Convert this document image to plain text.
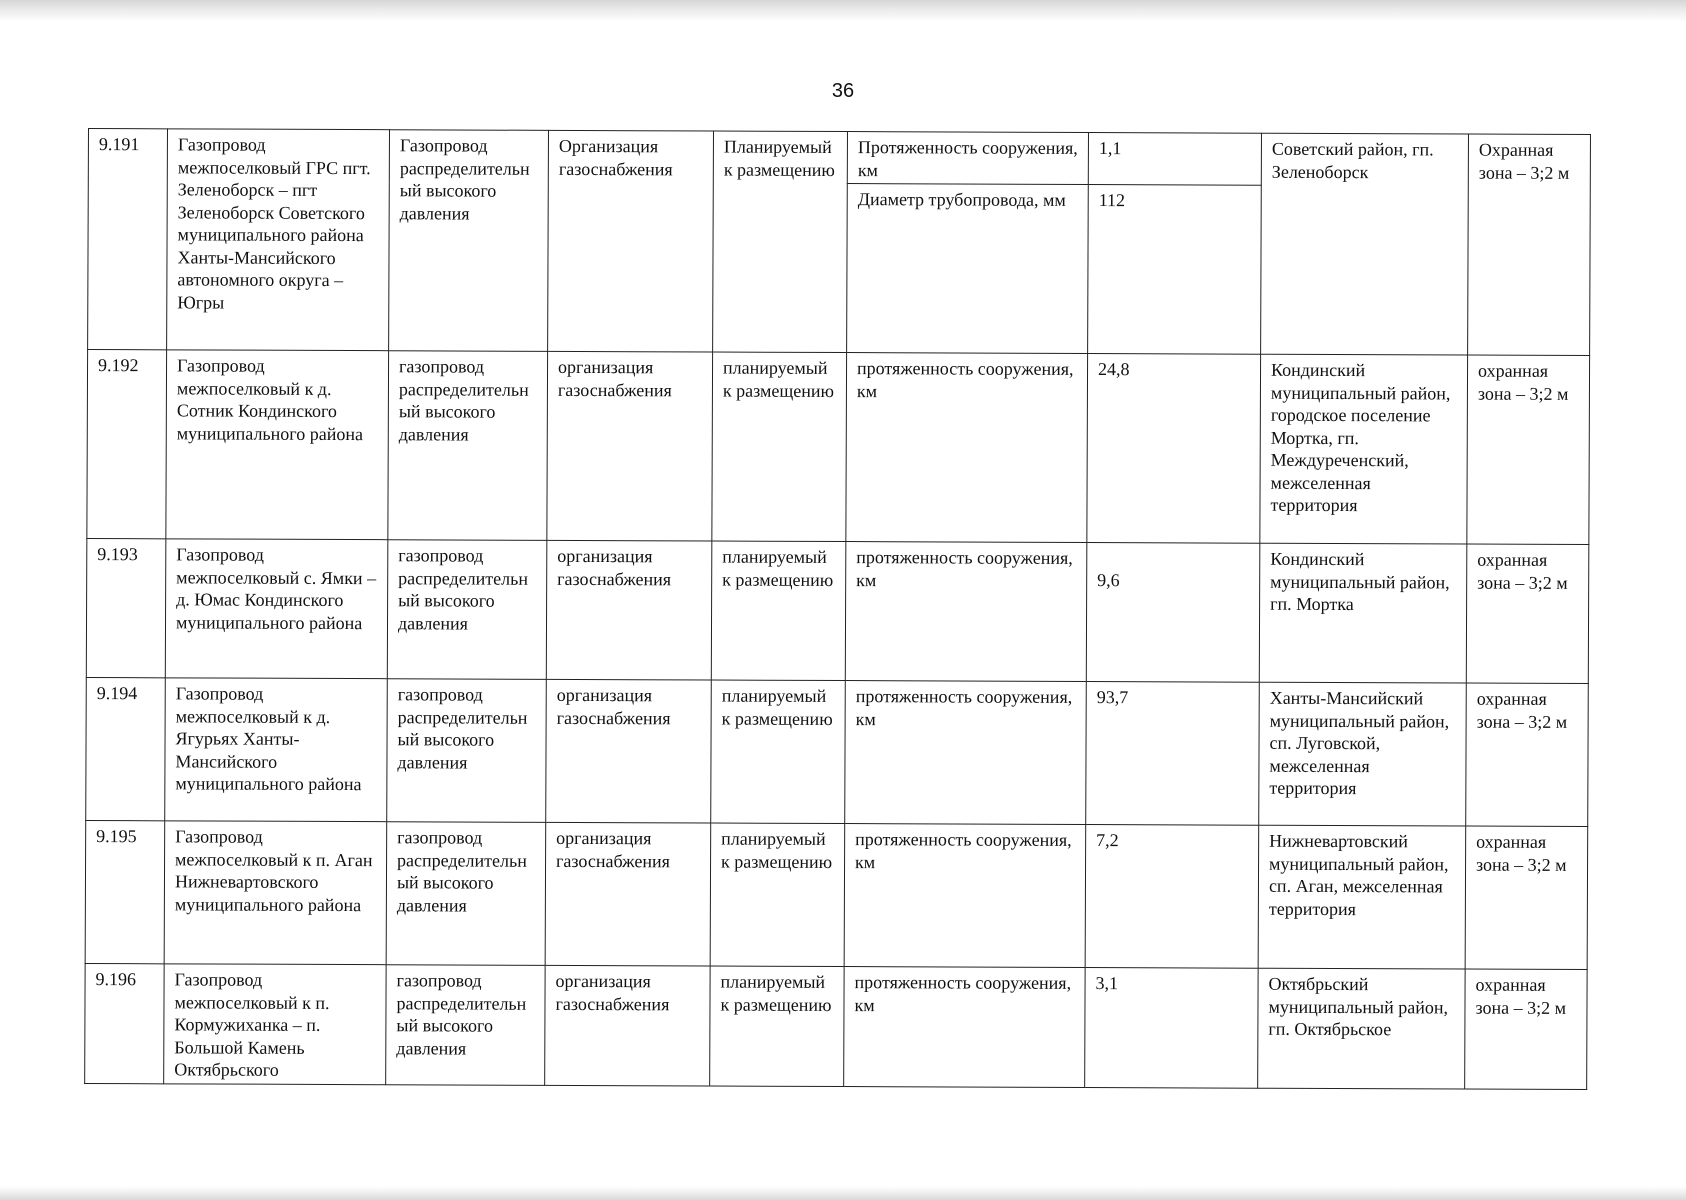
36
9.191	Газопровод межпоселковый ГРС пгт. Зеленоборск – пгт Зеленоборск Советского муниципального района Ханты-Мансийского автономного округа – Югры	Газопровод распределительный высокого давления	Организация газоснабжения	Планируемый к размещению	Протяженность сооружения, км	1,1	Советский район, гп. Зеленоборск	Охранная зона – 3;2 м
					Диаметр трубопровода, мм	112		
9.192	Газопровод межпоселковый к д. Сотник Кондинского муниципального района	газопровод распределительный высокого давления	организация газоснабжения	планируемый к размещению	протяженность сооружения, км	24,8	Кондинский муниципальный район, городское поселение Мортка, гп. Междуреченский, межселенная территория	охранная зона – 3;2 м
9.193	Газопровод межпоселковый с. Ямки – д. Юмас Кондинского муниципального района	газопровод распределительный высокого давления	организация газоснабжения	планируемый к размещению	протяженность сооружения, км	9,6	Кондинский муниципальный район, гп. Мортка	охранная зона – 3;2 м
9.194	Газопровод межпоселковый к д. Ягурьях Ханты-Мансийского муниципального района	газопровод распределительный высокого давления	организация газоснабжения	планируемый к размещению	протяженность сооружения, км	93,7	Ханты-Мансийский муниципальный район, сп. Луговской, межселенная территория	охранная зона – 3;2 м
9.195	Газопровод межпоселковый к п. Аган Нижневартовского муниципального района	газопровод распределительный высокого давления	организация газоснабжения	планируемый к размещению	протяженность сооружения, км	7,2	Нижневартовский муниципальный район, сп. Аган, межселенная территория	охранная зона – 3;2 м
9.196	Газопровод межпоселковый к п. Кормужиханка – п. Большой Камень Октябрьского	газопровод распределительный высокого давления	организация газоснабжения	планируемый к размещению	протяженность сооружения, км	3,1	Октябрьский муниципальный район, гп. Октябрьское	охранная зона – 3;2 м
